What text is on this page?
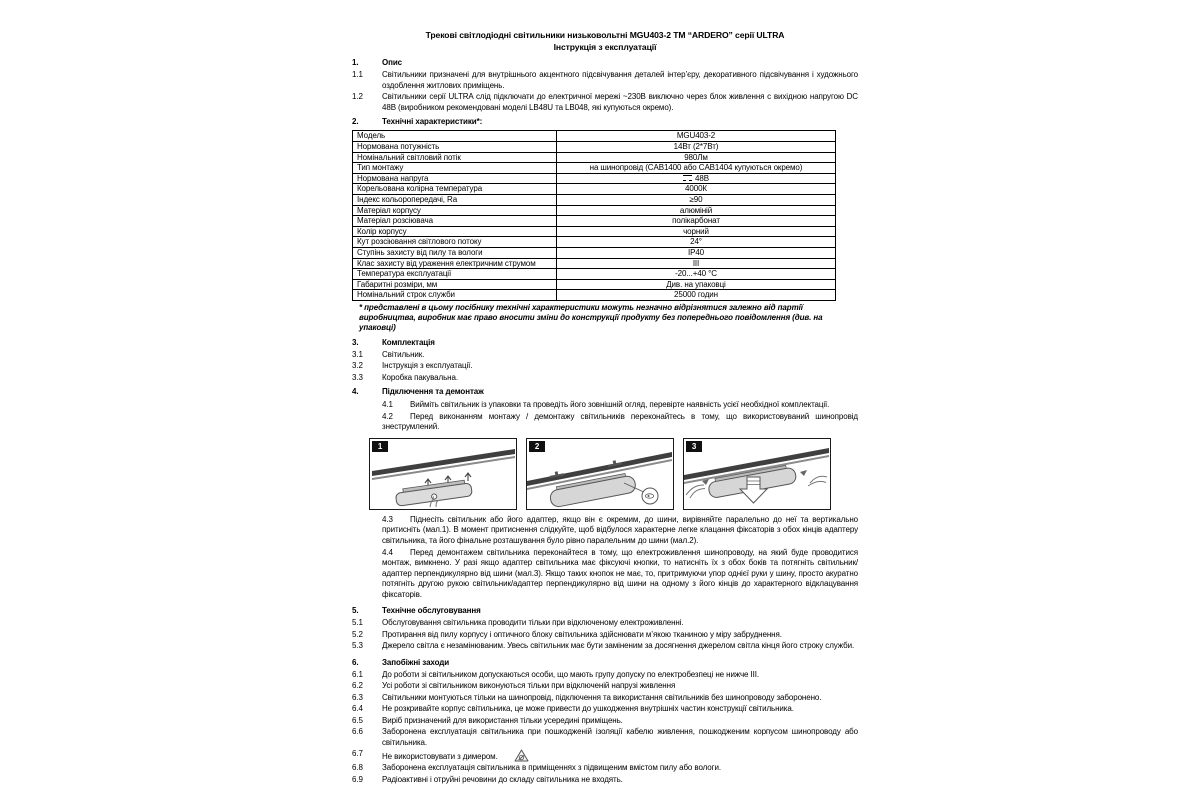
Трекові світлодіодні світильники низьковольтні MGU403-2 ТМ “ARDERO” серії ULTRA
Інструкція з експлуатації
1.	Опис
1.1	Світильники призначені для внутрішнього акцентного підсвічування деталей інтер’єру, декоративного підсвічування і художнього оздоблення житлових приміщень.
1.2	Світильники серії ULTRA слід підключати до електричної мережі ~230В виключно через блок живлення с вихідною напругою DC 48В (виробником рекомендовані моделі LB48U та LB048, які купуються окремо).
2.	Технічні характеристики*:
Модель	MGU403-2
Нормована потужність	14Вт (2*7Вт)
Номінальний світловий потік	980Лм
Тип монтажу	на шинопровід (CAB1400 або CAB1404 купуються окремо)
Нормована напруга	48В
Корельована колірна температура	4000К
Індекс кольоропередачі, Ra	≥90
Матеріал корпусу	алюміній
Матеріал розсіювача	полікарбонат
Колір корпусу	чорний
Кут розсіювання світлового потоку	24°
Ступінь захисту від пилу та вологи	IP40
Клас захисту від ураження електричним струмом	III
Температура експлуатації	-20...+40 °С
Габаритні розміри, мм	Див. на упаковці
Номінальний строк служби	25000 годин
* представлені в цьому посібнику технічні характеристики можуть незначно відрізнятися залежно від партії виробництва, виробник має право вносити зміни до конструкції продукту без попереднього повідомлення (див. на упаковці)
3.	Комплектація
3.1	Світильник.
3.2	Інструкція з експлуатації.
3.3	Коробка пакувальна.
4.	Підключення та демонтаж
4.1 Вийміть світильник із упаковки та проведіть його зовнішній огляд, перевірте наявність усієї необхідної комплектації.
4.2 Перед виконанням монтажу / демонтажу світильників переконайтесь в тому, що використовуваний шинопровід знеструмлений.
1	2	3
4.3 Піднесіть світильник або його адаптер, якщо він є окремим, до шини, вирівняйте паралельно до неї та вертикально притисніть (мал.1). В момент притиснення слідкуйте, щоб відбулося характерне легке клацання фіксаторів з обох кінців адаптеру світильника, та його фінальне розташування було рівно паралельним до шини (мал.2).
4.4 Перед демонтажем світильника переконайтеся в тому, що електроживлення шинопроводу, на який буде проводитися монтаж, вимкнено. У разі якщо адаптер світильника має фіксуючі кнопки, то натисніть їх з обох боків та потягніть світильник/адаптер перпендикулярно від шини (мал.3). Якщо таких кнопок не має, то, притримуючи упор однієї руки у шину, просто акуратно потягніть другою рукою світильник/адаптер перпендикулярно від шини на одному з його кінців до характерного відклацування фіксаторів.
5.	Технічне обслуговування
5.1	Обслуговування світильника проводити тільки при відключеному електроживленні.
5.2	Протирання від пилу корпусу і оптичного блоку світильника здійснювати м’якою тканиною у міру забруднення.
5.3	Джерело світла є незамінюваним. Увесь світильник має бути заміненим за досягнення джерелом світла кінця його строку служби.
6.	Запобіжні заходи
6.1	До роботи зі світильником допускаються особи, що мають групу допуску по електробезпеці не нижче III.
6.2	Усі роботи зі світильником виконуються тільки при відключеній напрузі живлення
6.3	Світильники монтуються тільки на шинопровід, підключення та використання світильників без шинопроводу заборонено.
6.4	Не розкривайте корпус світильника, це може привести до ушкодження внутрішніх частин конструкції світильника.
6.5	Виріб призначений для використання тільки усередині приміщень.
6.6	Заборонена експлуатація світильника при пошкодженій ізоляції кабелю живлення, пошкодженим корпусом шинопроводу або світильника.
6.7	Не використовувати з димером.
6.8	Заборонена експлуатація світильника в приміщеннях з підвищеним вмістом пилу або вологи.
6.9	Радіоактивні і отруйні речовини до складу світильника не входять.
